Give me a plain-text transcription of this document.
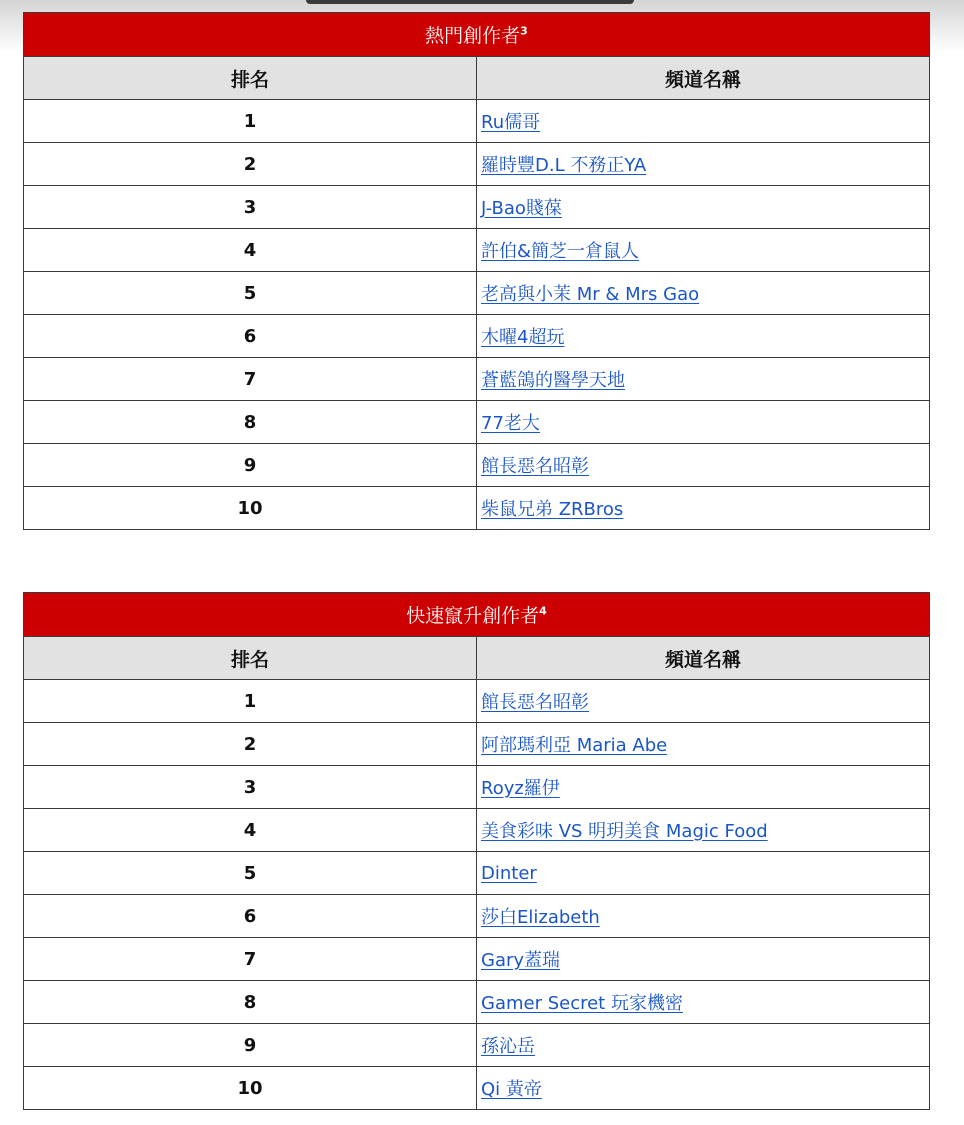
熱門創作者$^3$
排名	頻道名稱
1	Ru儒哥
2	羅時豐D.L 不務正YA
3	J-Bao賤葆
4	許伯&簡芝一倉鼠人
5	老高與小茉 Mr & Mrs Gao
6	木曜4超玩
7	蒼藍鴿的醫學天地
8	77老大
9	館長惡名昭彰
10	柴鼠兄弟 ZRBros
快速竄升創作者$^4$
排名	頻道名稱
1	館長惡名昭彰
2	阿部瑪利亞 Maria Abe
3	Royz羅伊
4	美食彩味 VS 明玥美食 Magic Food
5	Dinter
6	莎白Elizabeth
7	Gary蓋瑞
8	Gamer Secret 玩家機密
9	孫沁岳
10	Qi 黃帝
